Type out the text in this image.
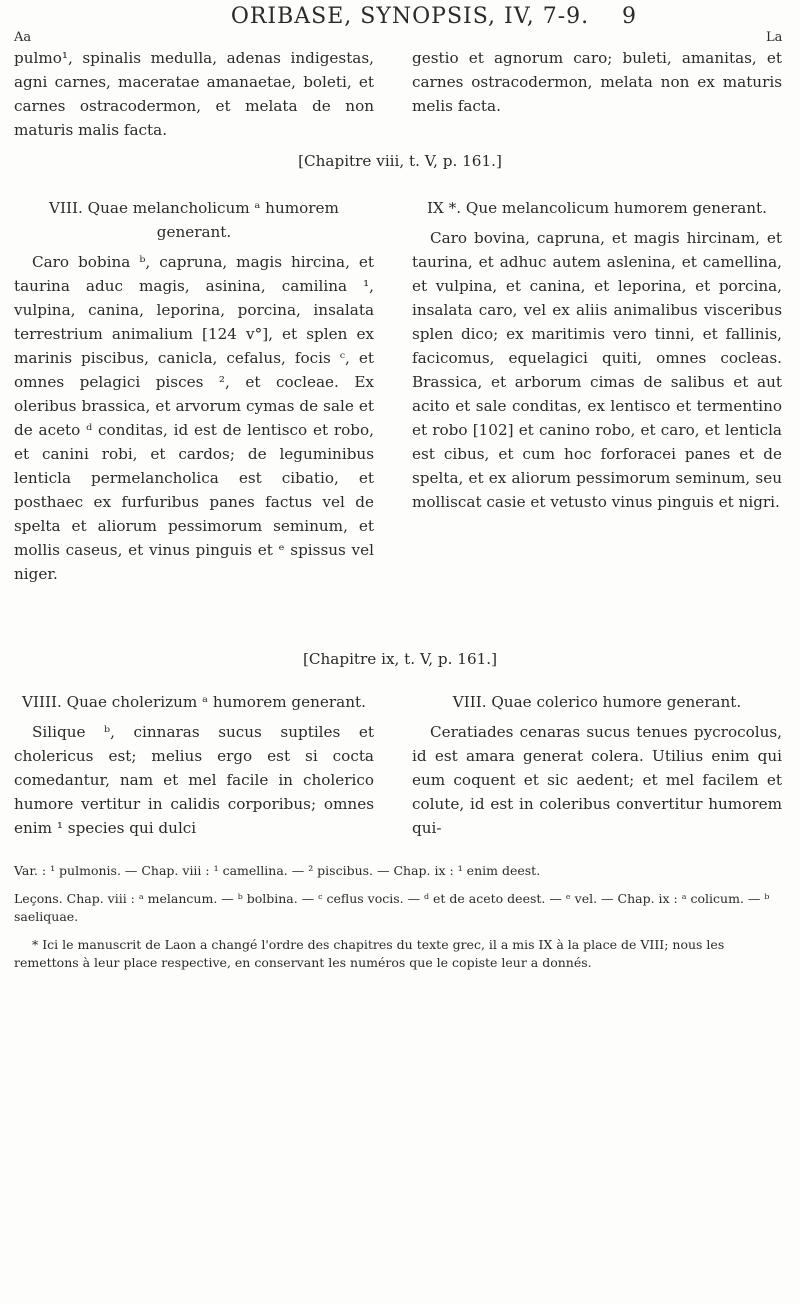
ORIBASE, SYNOPSIS, IV, 7-9.	9
Aa	La

pulmo¹, spinalis medulla, adenas indigestas, agni carnes, maceratae amanaetae, boleti, et carnes ostracodermon, et melata de non maturis malis facta.

gestio et agnorum caro; buleti, amanitas, et carnes ostracodermon, melata non ex maturis melis facta.

[Chapitre viii, t. V, p. 161.]
VIII. Quae melancholicum ᵃ humorem generant.

Caro bobina ᵇ, capruna, magis hircina, et taurina aduc magis, asinina, camilina ¹, vulpina, canina, leporina, porcina, insalata terrestrium animalium [124 v°], et splen ex marinis piscibus, canicla, cefalus, focis ᶜ, et omnes pelagici pisces ², et cocleae. Ex oleribus brassica, et arvorum cymas de sale et de aceto ᵈ conditas, id est de lentisco et robo, et canini robi, et cardos; de leguminibus lenticla permelancholica est cibatio, et posthaec ex furfuribus panes factus vel de spelta et aliorum pessimorum seminum, et mollis caseus, et vinus pinguis et ᵉ spissus vel niger.

IX *. Que melancolicum humorem generant.

Caro bovina, capruna, et magis hircinam, et taurina, et adhuc autem aslenina, et camellina, et vulpina, et canina, et leporina, et porcina, insalata caro, vel ex aliis animalibus visceribus splen dico; ex maritimis vero tinni, et fallinis, facicomus, equelagici quiti, omnes cocleas. Brassica, et arborum cimas de salibus et aut acito et sale conditas, ex lentisco et termentino et robo [102] et canino robo, et caro, et lenticla est cibus, et cum hoc forforacei panes et de spelta, et ex aliorum pessimorum seminum, seu molliscat casie et vetusto vinus pinguis et nigri.

[Chapitre ix, t. V, p. 161.]
VIIII. Quae cholerizum ᵃ humorem generant.

Silique ᵇ, cinnaras sucus suptiles et cholericus est; melius ergo est si cocta comedantur, nam et mel facile in cholerico humore vertitur in calidis corporibus; omnes enim ¹ species qui dulci

VIII. Quae colerico humore generant.

Ceratiades cenaras sucus tenues pycrocolus, id est amara generat colera. Utilius enim qui eum coquent et sic aedent; et mel facilem et colute, id est in coleribus convertitur humorem qui-

Var. : ¹ pulmonis. — Chap. viii : ¹ camellina. — ² piscibus. — Chap. ix : ¹ enim deest.

Leçons. Chap. viii : ᵃ melancum. — ᵇ bolbina. — ᶜ ceflus vocis. — ᵈ et de aceto deest. — ᵉ vel. — Chap. ix : ᵃ colicum. — ᵇ saeliquae.

* Ici le manuscrit de Laon a changé l'ordre des chapitres du texte grec, il a mis IX à la place de VIII; nous les remettons à leur place respective, en conservant les numéros que le copiste leur a donnés.
